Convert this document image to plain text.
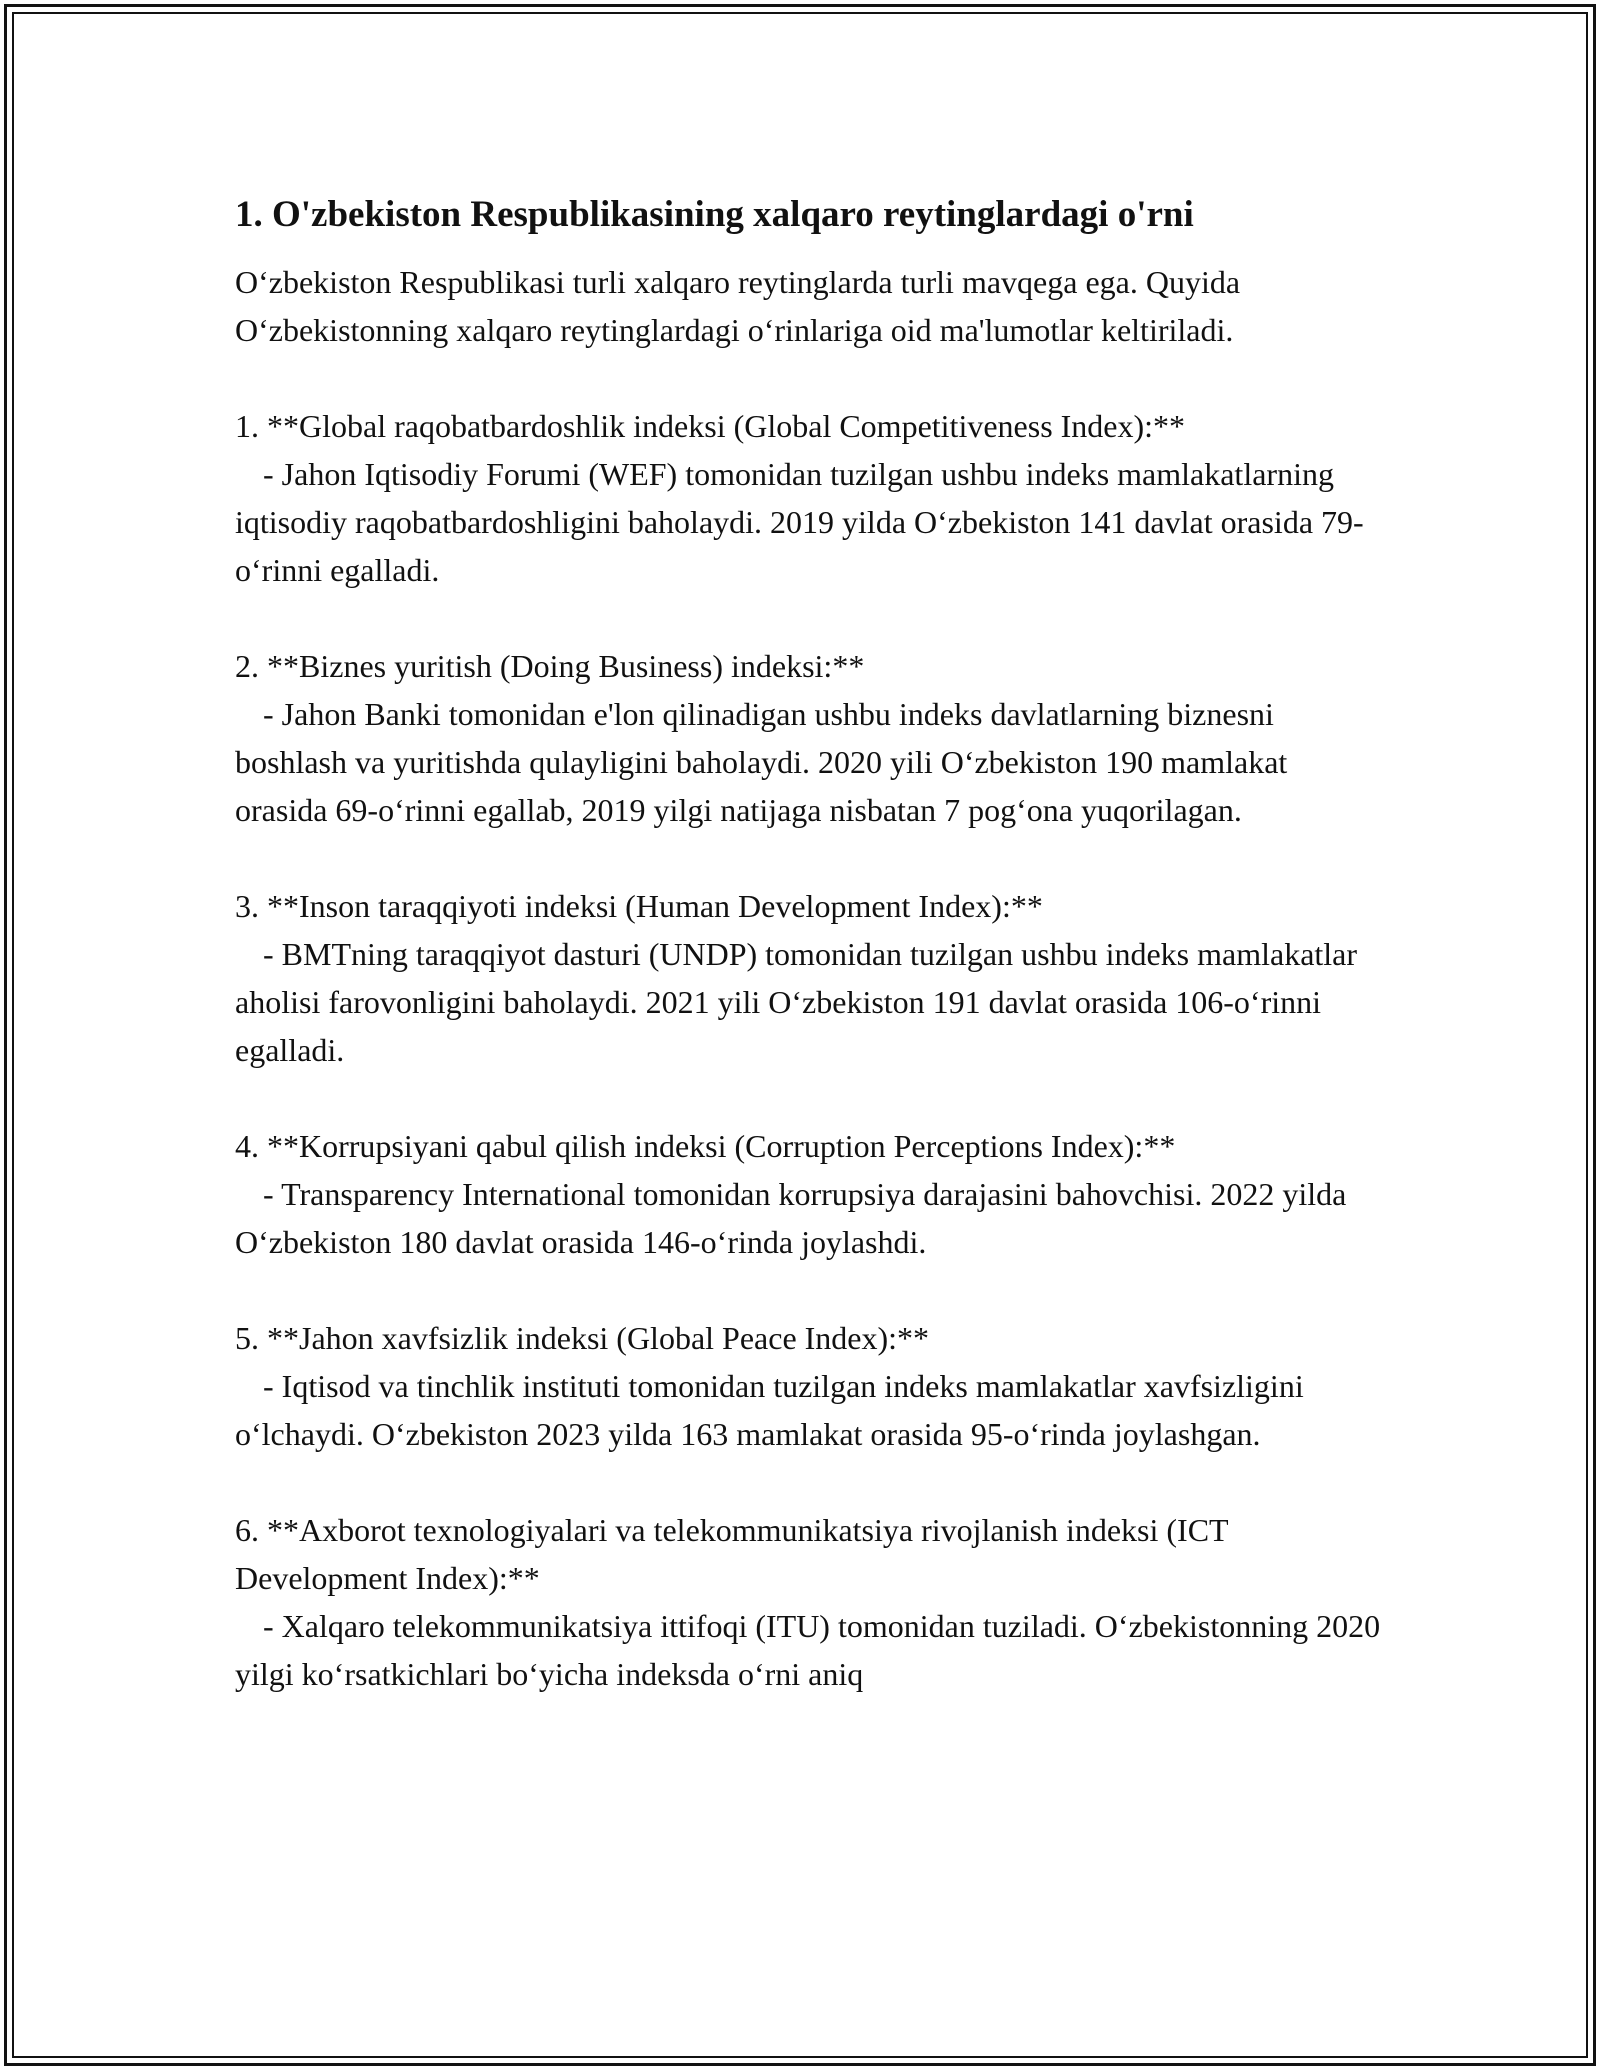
1. O'zbekiston Respublikasining xalqaro reytinglardagi o'rni

O‘zbekiston Respublikasi turli xalqaro reytinglarda turli mavqega ega. Quyida O‘zbekistonning xalqaro reytinglardagi o‘rinlariga oid ma'lumotlar keltiriladi.

1. **Global raqobatbardoshlik indeksi (Global Competitiveness Index):**
- Jahon Iqtisodiy Forumi (WEF) tomonidan tuzilgan ushbu indeks mamlakatlarning iqtisodiy raqobatbardoshligini baholaydi. 2019 yilda O‘zbekiston 141 davlat orasida 79-o‘rinni egalladi.
2. **Biznes yuritish (Doing Business) indeksi:**
- Jahon Banki tomonidan e'lon qilinadigan ushbu indeks davlatlarning biznesni boshlash va yuritishda qulayligini baholaydi. 2020 yili O‘zbekiston 190 mamlakat orasida 69-o‘rinni egallab, 2019 yilgi natijaga nisbatan 7 pog‘ona yuqorilagan.
3. **Inson taraqqiyoti indeksi (Human Development Index):**
- BMTning taraqqiyot dasturi (UNDP) tomonidan tuzilgan ushbu indeks mamlakatlar aholisi farovonligini baholaydi. 2021 yili O‘zbekiston 191 davlat orasida 106-o‘rinni egalladi.
4. **Korrupsiyani qabul qilish indeksi (Corruption Perceptions Index):**
- Transparency International tomonidan korrupsiya darajasini bahovchisi. 2022 yilda O‘zbekiston 180 davlat orasida 146-o‘rinda joylashdi.
5. **Jahon xavfsizlik indeksi (Global Peace Index):**
- Iqtisod va tinchlik instituti tomonidan tuzilgan indeks mamlakatlar xavfsizligini o‘lchaydi. O‘zbekiston 2023 yilda 163 mamlakat orasida 95-o‘rinda joylashgan.
6. **Axborot texnologiyalari va telekommunikatsiya rivojlanish indeksi (ICT Development Index):**
- Xalqaro telekommunikatsiya ittifoqi (ITU) tomonidan tuziladi. O‘zbekistonning 2020 yilgi ko‘rsatkichlari bo‘yicha indeksda o‘rni aniq
